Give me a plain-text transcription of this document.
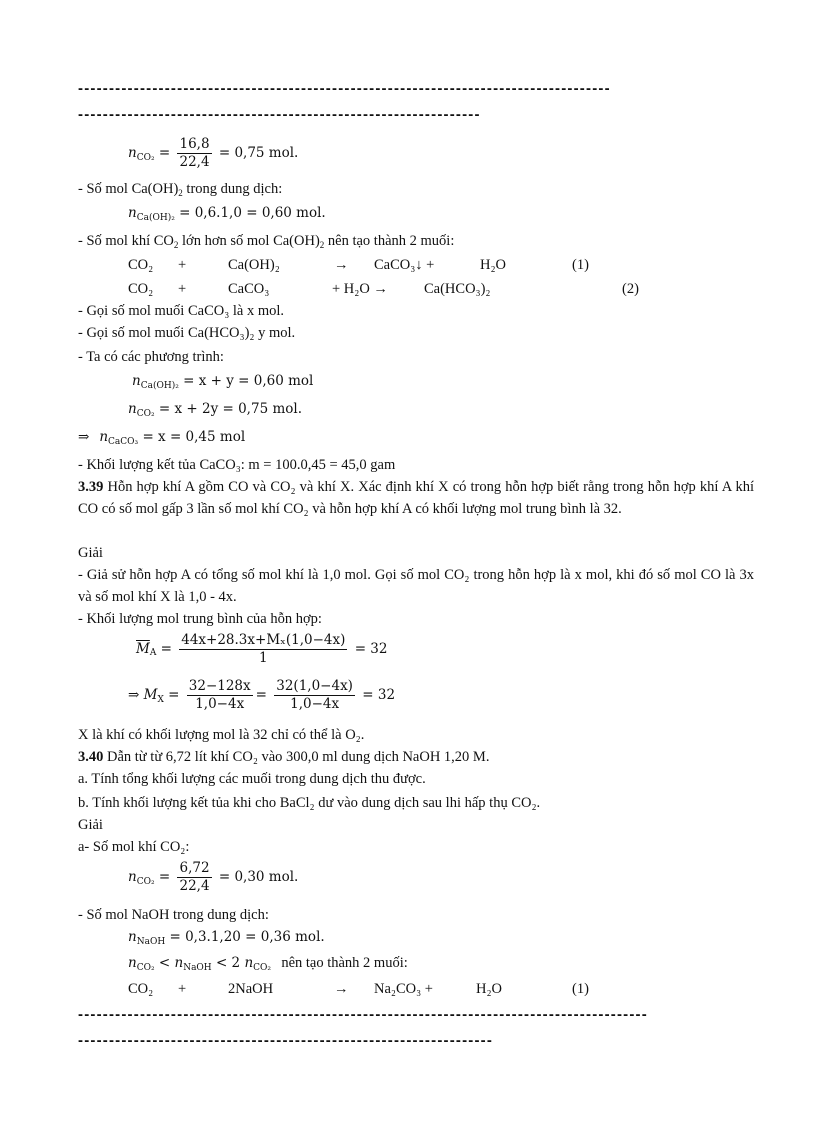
--------------------------------------------------------------------------------------
-----------------------------------------------------------------
$n_{CO_2} = \frac{16,8}{22,4} = 0,75$ mol.
- Số mol $Ca(OH)_2$ trong dung dịch:
$n_{Ca(OH)_2} = 0,6.1,0 = 0,60$ mol.
- Số mol khí $CO_2$ lớn hơn số mol $Ca(OH)_2$ nên tạo thành 2 muối:
CO₂ +	Ca(OH)₂	→ CaCO₃↓ +	H₂O	(1)
CO₂ +	CaCO₃	+ H₂O → Ca(HCO₃)₂	(2)
- Gọi số mol muối CaCO₃ là x mol.
- Gọi số mol muối Ca(HCO₃)₂ y mol.
- Ta có các phương trình:
$n_{Ca(OH)_2} = x + y = 0,60$ mol
$n_{CO_2} = x + 2y = 0,75$ mol.
⇒ $n_{CaCO_3} = x = 0,45$ mol
- Khối lượng kết tủa CaCO₃: m = 100.0,45 = 45,0 gam
3.39 Hỗn hợp khí A gồm CO và CO₂ và khí X. Xác định khí X có trong hỗn hợp biết rằng trong hỗn hợp khí A khí CO có số mol gấp 3 lần số mol khí CO₂ và hỗn hợp khí A có khối lượng mol trung bình là 32.
Giải
- Giả sử hỗn hợp A có tổng số mol khí là 1,0 mol. Gọi số mol CO₂ trong hỗn hợp là x mol, khi đó số mol CO là 3x và số mol khí X là 1,0 - 4x.
- Khối lượng mol trung bình của hỗn hợp:
$\overline{M}_A = \frac{\text{44x+28.3x+Mₓ(1,0−4x)}}{1} = 32$
⇒ $M_X = \frac{32-128x}{1,0-4x} = \frac{32(1,0-4x)}{1,0-4x} = 32$
X là khí có khối lượng mol là 32 chỉ có thể là O₂.
3.40 Dẫn từ từ 6,72 lít khí CO₂ vào 300,0 ml dung dịch NaOH 1,20 M.
a. Tính tổng khối lượng các muối trong dung dịch thu được.
b. Tính khối lượng kết tủa khi cho BaCl₂ dư vào dung dịch sau lhi hấp thụ CO₂.
Giải
a- Số mol khí CO₂:
$n_{CO_2} = \frac{6,72}{22,4} = 0,30$ mol.
- Số mol NaOH trong dung dịch:
$n_{NaOH} = 0,3.1,20 = 0,36$ mol.
$n_{CO_2} < n_{NaOH} < 2$ $n_{CO_2}$ nên tạo thành 2 muối:
CO₂ +	2NaOH	→ Na₂CO₃ +	H₂O	(1)
--------------------------------------------------------------------------------------------
-------------------------------------------------------------------
